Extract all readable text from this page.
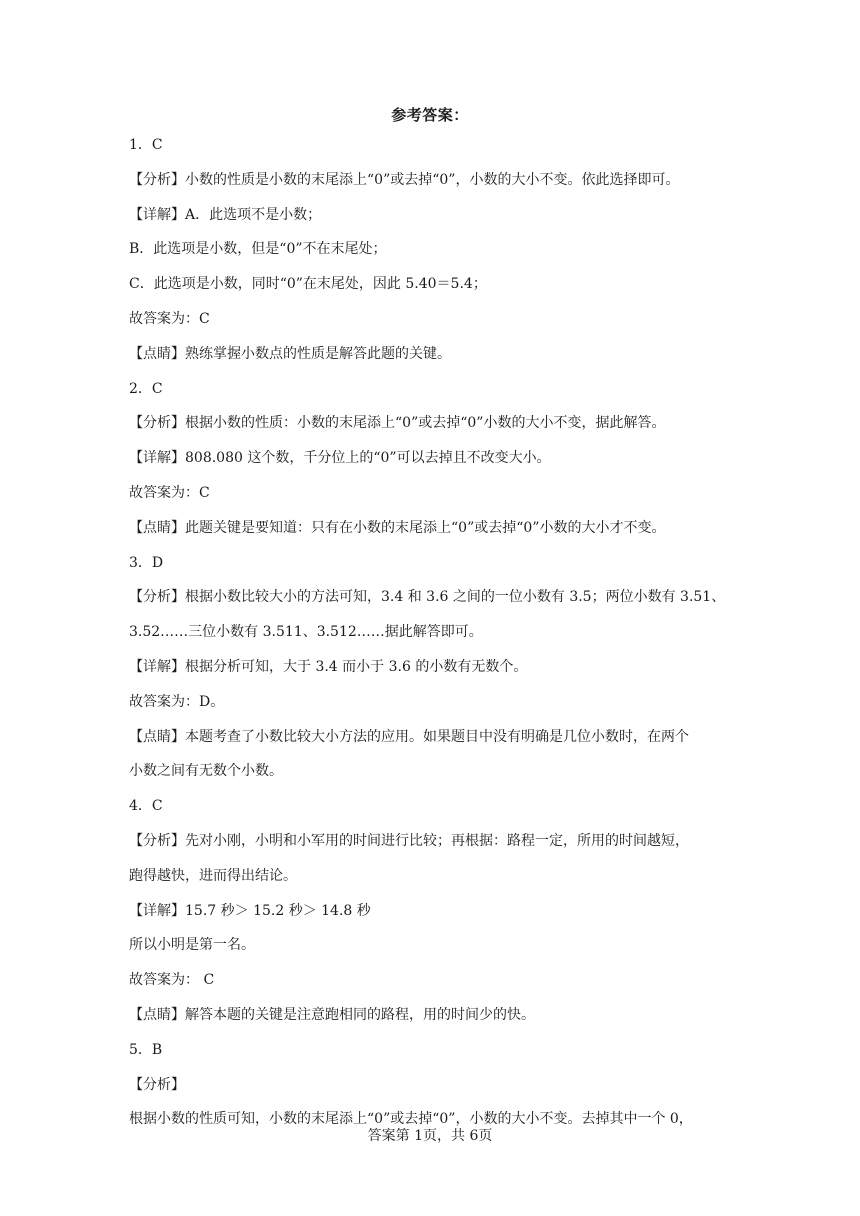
参考答案：
1．C
【分析】小数的性质是小数的末尾添上“0”或去掉“0”，小数的大小不变。依此选择即可。
【详解】A．此选项不是小数；
B．此选项是小数，但是“0”不在末尾处；
C．此选项是小数，同时“0”在末尾处，因此 5.40＝5.4；
故答案为：C
【点睛】熟练掌握小数点的性质是解答此题的关键。
2．C
【分析】根据小数的性质：小数的末尾添上“0”或去掉“0”小数的大小不变，据此解答。
【详解】808.080 这个数，千分位上的“0”可以去掉且不改变大小。
故答案为：C
【点睛】此题关键是要知道：只有在小数的末尾添上“0”或去掉“0”小数的大小才不变。
3．D
【分析】根据小数比较大小的方法可知，3.4 和 3.6 之间的一位小数有 3.5；两位小数有 3.51、
3.52……三位小数有 3.511、3.512……据此解答即可。
【详解】根据分析可知，大于 3.4 而小于 3.6 的小数有无数个。
故答案为：D。
【点睛】本题考查了小数比较大小方法的应用。如果题目中没有明确是几位小数时，在两个
小数之间有无数个小数。
4．C
【分析】先对小刚，小明和小军用的时间进行比较；再根据：路程一定，所用的时间越短，
跑得越快，进而得出结论。
【详解】15.7 秒＞ 15.2 秒＞ 14.8 秒
所以小明是第一名。
故答案为： C
【点睛】解答本题的关键是注意跑相同的路程，用的时间少的快。
5．B
【分析】
根据小数的性质可知，小数的末尾添上“0”或去掉“0”，小数的大小不变。去掉其中一个 0，
答案第 1页，共 6页
